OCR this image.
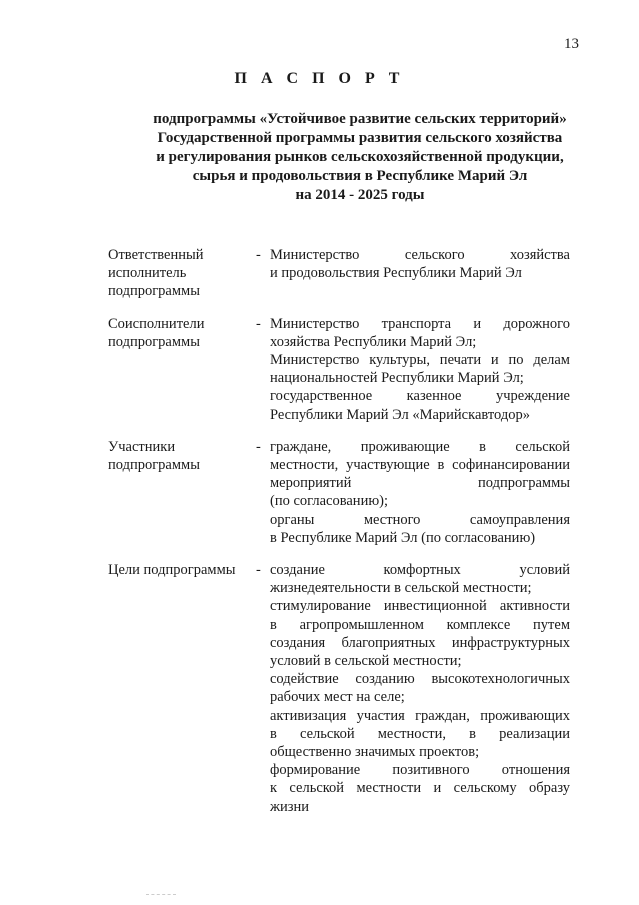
13
П А С П О Р Т
подпрограммы «Устойчивое развитие сельских территорий»
Государственной программы развития сельского хозяйства
и регулирования рынков сельскохозяйственной продукции,
сырья и продовольствия в Республике Марий Эл
на 2014 - 2025 годы
Ответственный
исполнитель
подпрограммы
- Министерство сельского хозяйства
и продовольствия Республики Марий Эл
Соисполнители
подпрограммы
- Министерство транспорта и дорожного
хозяйства Республики Марий Эл;
Министерство культуры, печати и по делам
национальностей Республики Марий Эл;
государственное казенное учреждение
Республики Марий Эл «Марийскавтодор»
Участники
подпрограммы
- граждане, проживающие в сельской
местности, участвующие в софинансировании
мероприятий подпрограммы
(по согласованию);
органы местного самоуправления
в Республике Марий Эл (по согласованию)
Цели подпрограммы	- создание комфортных условий
жизнедеятельности в сельской местности;
стимулирование инвестиционной активности
в агропромышленном комплексе путем
создания благоприятных инфраструктурных
условий в сельской местности;
содействие созданию высокотехнологичных
рабочих мест на селе;
активизация участия граждан, проживающих
в сельской местности, в реализации
общественно значимых проектов;
формирование позитивного отношения
к сельской местности и сельскому образу
жизни
